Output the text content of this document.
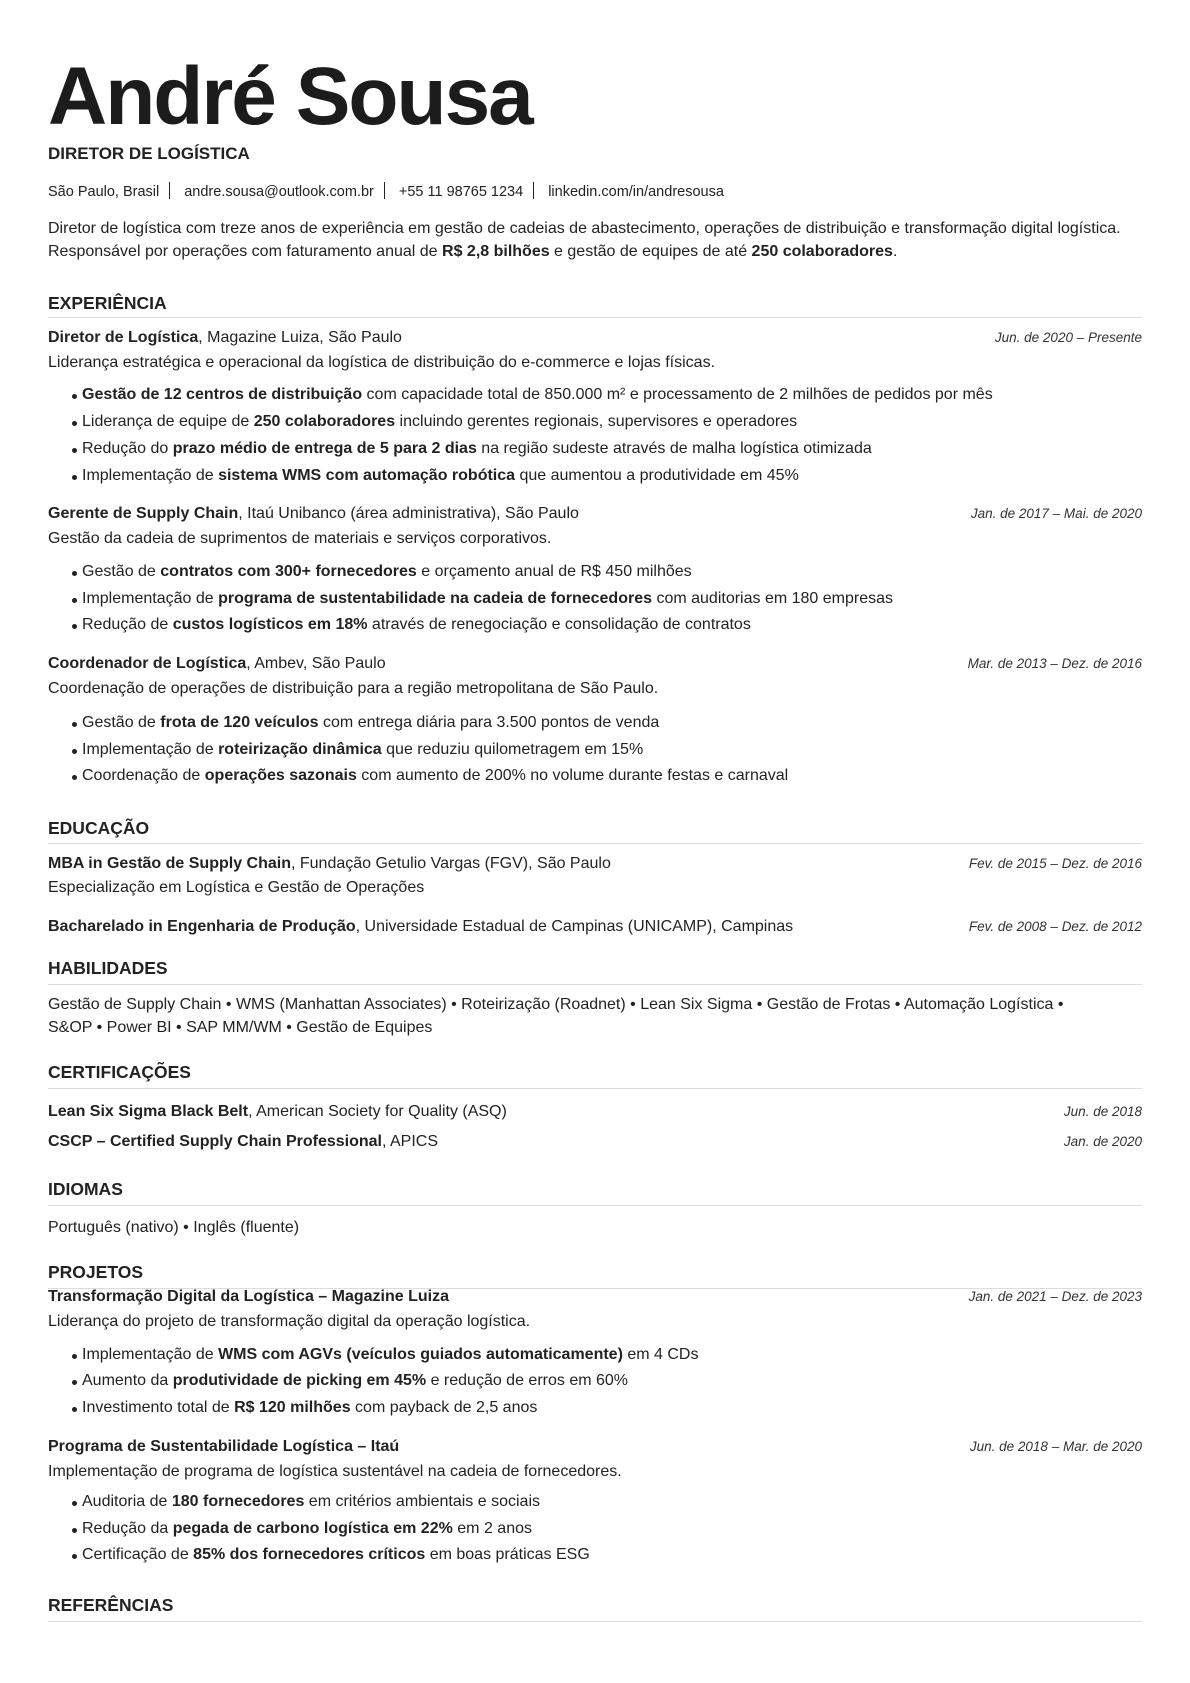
André Sousa
DIRETOR DE LOGÍSTICA
São Paulo, Brasil andre.sousa@outlook.com.br +55 11 98765 1234 linkedin.com/in/andresousa
Diretor de logística com treze anos de experiência em gestão de cadeias de abastecimento, operações de distribuição e transformação digital logística. Responsável por operações com faturamento anual de R$ 2,8 bilhões e gestão de equipes de até 250 colaboradores.
EXPERIÊNCIA
Diretor de Logística, Magazine Luiza, São Paulo	Jun. de 2020 – Presente
Liderança estratégica e operacional da logística de distribuição do e-commerce e lojas físicas.
Gestão de 12 centros de distribuição com capacidade total de 850.000 m² e processamento de 2 milhões de pedidos por mês
Liderança de equipe de 250 colaboradores incluindo gerentes regionais, supervisores e operadores
Redução do prazo médio de entrega de 5 para 2 dias na região sudeste através de malha logística otimizada
Implementação de sistema WMS com automação robótica que aumentou a produtividade em 45%
Gerente de Supply Chain, Itaú Unibanco (área administrativa), São Paulo	Jan. de 2017 – Mai. de 2020
Gestão da cadeia de suprimentos de materiais e serviços corporativos.
Gestão de contratos com 300+ fornecedores e orçamento anual de R$ 450 milhões
Implementação de programa de sustentabilidade na cadeia de fornecedores com auditorias em 180 empresas
Redução de custos logísticos em 18% através de renegociação e consolidação de contratos
Coordenador de Logística, Ambev, São Paulo	Mar. de 2013 – Dez. de 2016
Coordenação de operações de distribuição para a região metropolitana de São Paulo.
Gestão de frota de 120 veículos com entrega diária para 3.500 pontos de venda
Implementação de roteirização dinâmica que reduziu quilometragem em 15%
Coordenação de operações sazonais com aumento de 200% no volume durante festas e carnaval
EDUCAÇÃO
MBA in Gestão de Supply Chain, Fundação Getulio Vargas (FGV), São Paulo	Fev. de 2015 – Dez. de 2016
Especialização em Logística e Gestão de Operações
Bacharelado in Engenharia de Produção, Universidade Estadual de Campinas (UNICAMP), Campinas	Fev. de 2008 – Dez. de 2012
HABILIDADES
Gestão de Supply Chain • WMS (Manhattan Associates) • Roteirização (Roadnet) • Lean Six Sigma • Gestão de Frotas • Automação Logística •
S&OP • Power BI • SAP MM/WM • Gestão de Equipes
CERTIFICAÇÕES
Lean Six Sigma Black Belt, American Society for Quality (ASQ)	Jun. de 2018
CSCP – Certified Supply Chain Professional, APICS	Jan. de 2020
IDIOMAS
Português (nativo) • Inglês (fluente)
PROJETOS
Transformação Digital da Logística – Magazine Luiza	Jan. de 2021 – Dez. de 2023
Liderança do projeto de transformação digital da operação logística.
Implementação de WMS com AGVs (veículos guiados automaticamente) em 4 CDs
Aumento da produtividade de picking em 45% e redução de erros em 60%
Investimento total de R$ 120 milhões com payback de 2,5 anos
Programa de Sustentabilidade Logística – Itaú	Jun. de 2018 – Mar. de 2020
Implementação de programa de logística sustentável na cadeia de fornecedores.
Auditoria de 180 fornecedores em critérios ambientais e sociais
Redução da pegada de carbono logística em 22% em 2 anos
Certificação de 85% dos fornecedores críticos em boas práticas ESG
REFERÊNCIAS
